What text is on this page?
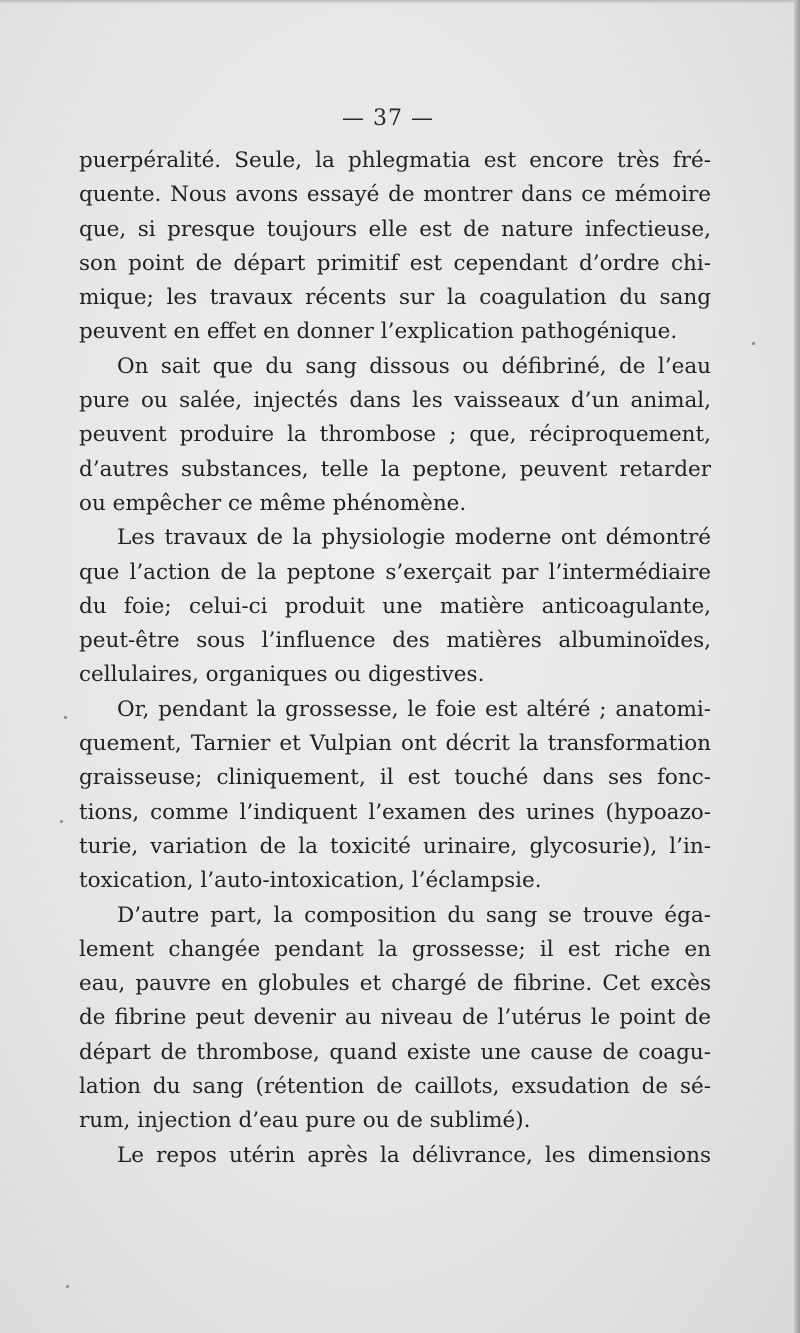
— 37 —
puerpéralité. Seule, la phlegmatia est encore très fré-
quente. Nous avons essayé de montrer dans ce mémoire
que, si presque toujours elle est de nature infectieuse,
son point de départ primitif est cependant d’ordre chi-
mique; les travaux récents sur la coagulation du sang
peuvent en effet en donner l’explication pathogénique.
On sait que du sang dissous ou défibriné, de l’eau
pure ou salée, injectés dans les vaisseaux d’un animal,
peuvent produire la thrombose ; que, réciproquement,
d’autres substances, telle la peptone, peuvent retarder
ou empêcher ce même phénomène.
Les travaux de la physiologie moderne ont démontré
que l’action de la peptone s’exerçait par l’intermédiaire
du foie; celui-ci produit une matière anticoagulante,
peut-être sous l’influence des matières albuminoïdes,
cellulaires, organiques ou digestives.
Or, pendant la grossesse, le foie est altéré ; anatomi-
quement, Tarnier et Vulpian ont décrit la transformation
graisseuse; cliniquement, il est touché dans ses fonc-
tions, comme l’indiquent l’examen des urines (hypoazo-
turie, variation de la toxicité urinaire, glycosurie), l’in-
toxication, l’auto-intoxication, l’éclampsie.
D’autre part, la composition du sang se trouve éga-
lement changée pendant la grossesse; il est riche en
eau, pauvre en globules et chargé de fibrine. Cet excès
de fibrine peut devenir au niveau de l’utérus le point de
départ de thrombose, quand existe une cause de coagu-
lation du sang (rétention de caillots, exsudation de sé-
rum, injection d’eau pure ou de sublimé).
Le repos utérin après la délivrance, les dimensions
